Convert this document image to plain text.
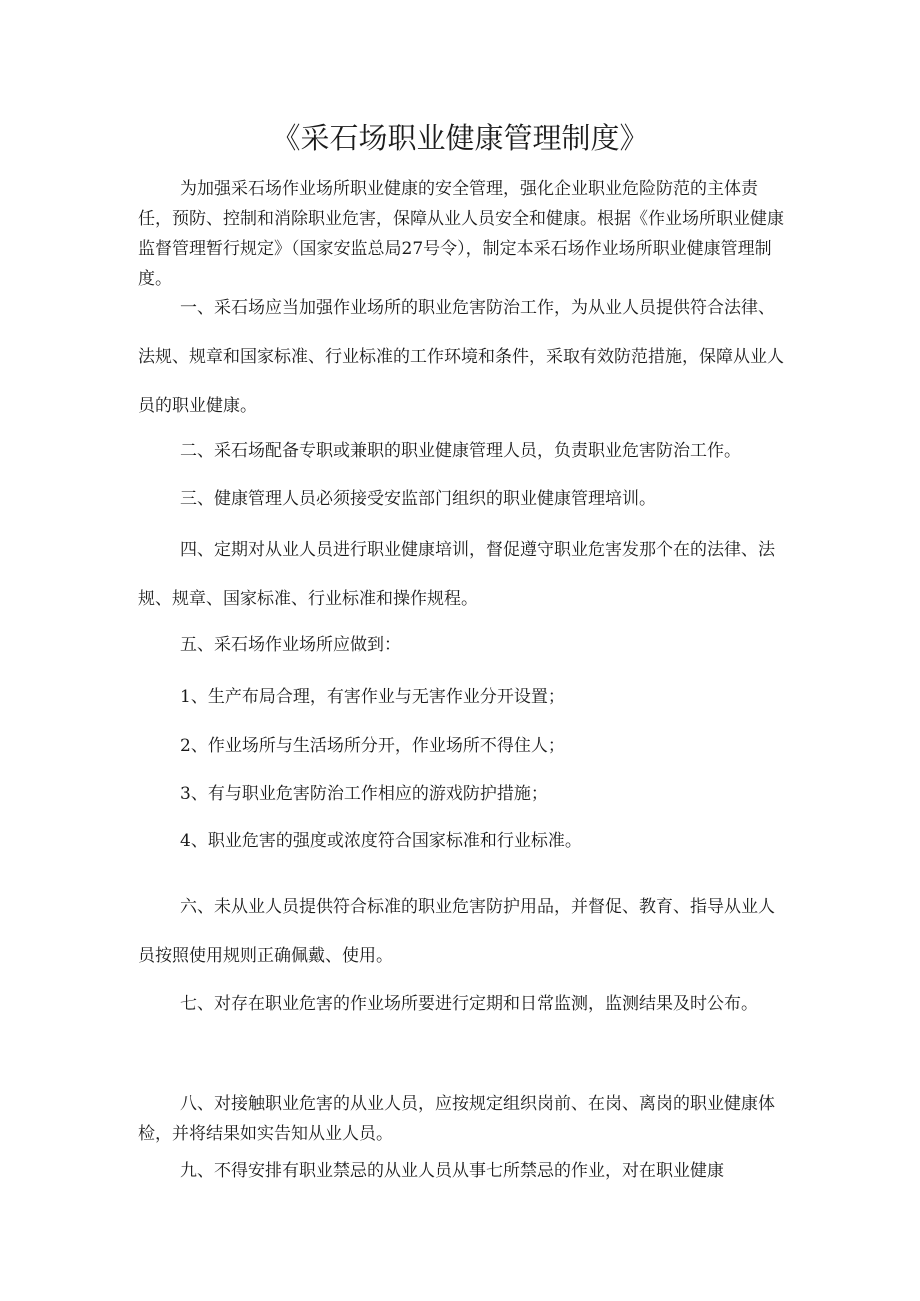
《采石场职业健康管理制度》

为加强采石场作业场所职业健康的安全管理，强化企业职业危险防范的主体责任，预防、控制和消除职业危害，保障从业人员安全和健康。根据《作业场所职业健康监督管理暂行规定》（国家安监总局27号令），制定本采石场作业场所职业健康管理制度。

一、采石场应当加强作业场所的职业危害防治工作，为从业人员提供符合法律、法规、规章和国家标准、行业标准的工作环境和条件，采取有效防范措施，保障从业人员的职业健康。

二、采石场配备专职或兼职的职业健康管理人员，负责职业危害防治工作。

三、健康管理人员必须接受安监部门组织的职业健康管理培训。

四、定期对从业人员进行职业健康培训，督促遵守职业危害发那个在的法律、法规、规章、国家标准、行业标准和操作规程。

五、采石场作业场所应做到：

1、生产布局合理，有害作业与无害作业分开设置；

2、作业场所与生活场所分开，作业场所不得住人；

3、有与职业危害防治工作相应的游戏防护措施；

4、职业危害的强度或浓度符合国家标准和行业标准。

六、未从业人员提供符合标准的职业危害防护用品，并督促、教育、指导从业人员按照使用规则正确佩戴、使用。

七、对存在职业危害的作业场所要进行定期和日常监测，监测结果及时公布。

八、对接触职业危害的从业人员，应按规定组织岗前、在岗、离岗的职业健康体检，并将结果如实告知从业人员。

九、不得安排有职业禁忌的从业人员从事七所禁忌的作业，对在职业健康
